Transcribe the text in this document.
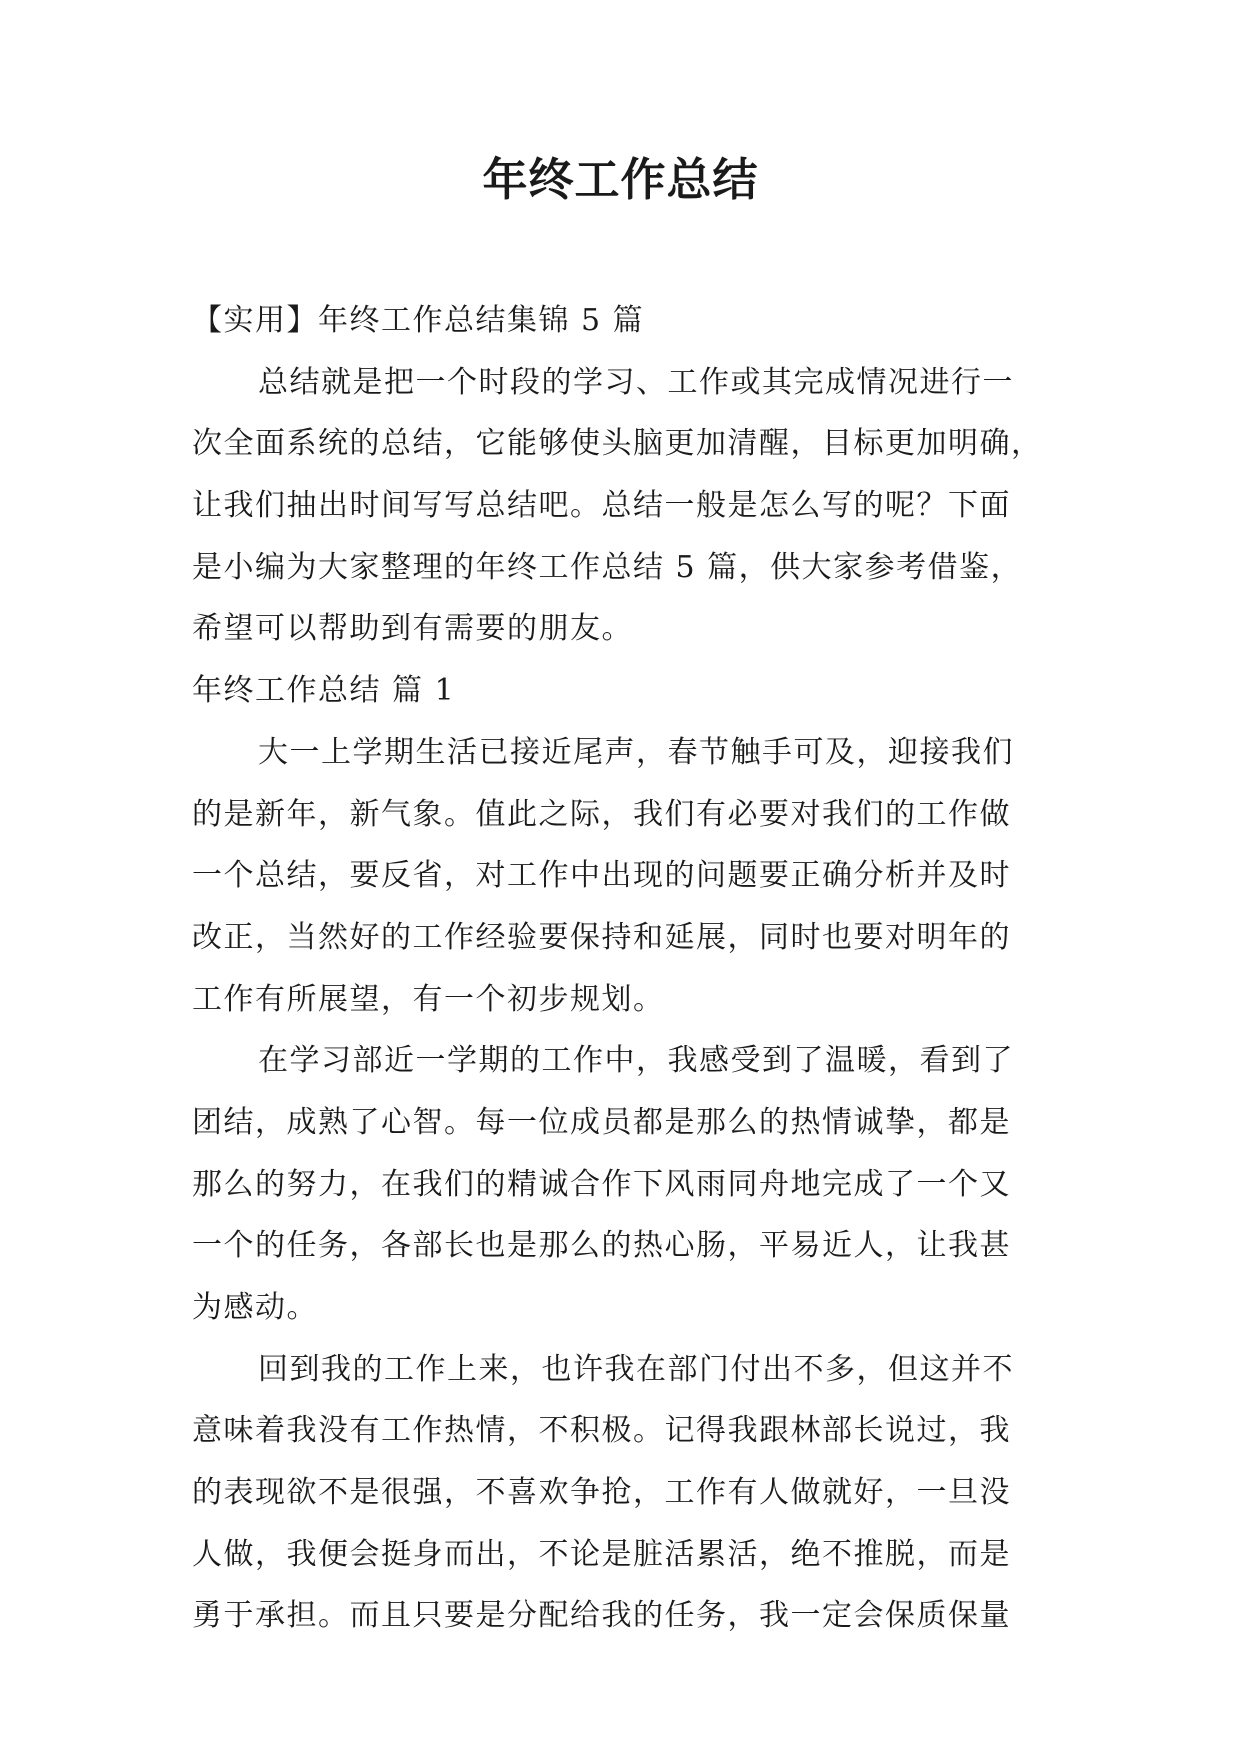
年终工作总结
【实用】年终工作总结集锦 5 篇
总结就是把一个时段的学习、工作或其完成情况进行一
次全面系统的总结，它能够使头脑更加清醒，目标更加明确，
让我们抽出时间写写总结吧。总结一般是怎么写的呢？下面
是小编为大家整理的年终工作总结 5 篇，供大家参考借鉴，
希望可以帮助到有需要的朋友。
年终工作总结 篇 1
大一上学期生活已接近尾声，春节触手可及，迎接我们
的是新年，新气象。值此之际，我们有必要对我们的工作做
一个总结，要反省，对工作中出现的问题要正确分析并及时
改正，当然好的工作经验要保持和延展，同时也要对明年的
工作有所展望，有一个初步规划。
在学习部近一学期的工作中，我感受到了温暖，看到了
团结，成熟了心智。每一位成员都是那么的热情诚挚，都是
那么的努力，在我们的精诚合作下风雨同舟地完成了一个又
一个的任务，各部长也是那么的热心肠，平易近人，让我甚
为感动。
回到我的工作上来，也许我在部门付出不多，但这并不
意味着我没有工作热情，不积极。记得我跟林部长说过，我
的表现欲不是很强，不喜欢争抢，工作有人做就好，一旦没
人做，我便会挺身而出，不论是脏活累活，绝不推脱，而是
勇于承担。而且只要是分配给我的任务，我一定会保质保量
